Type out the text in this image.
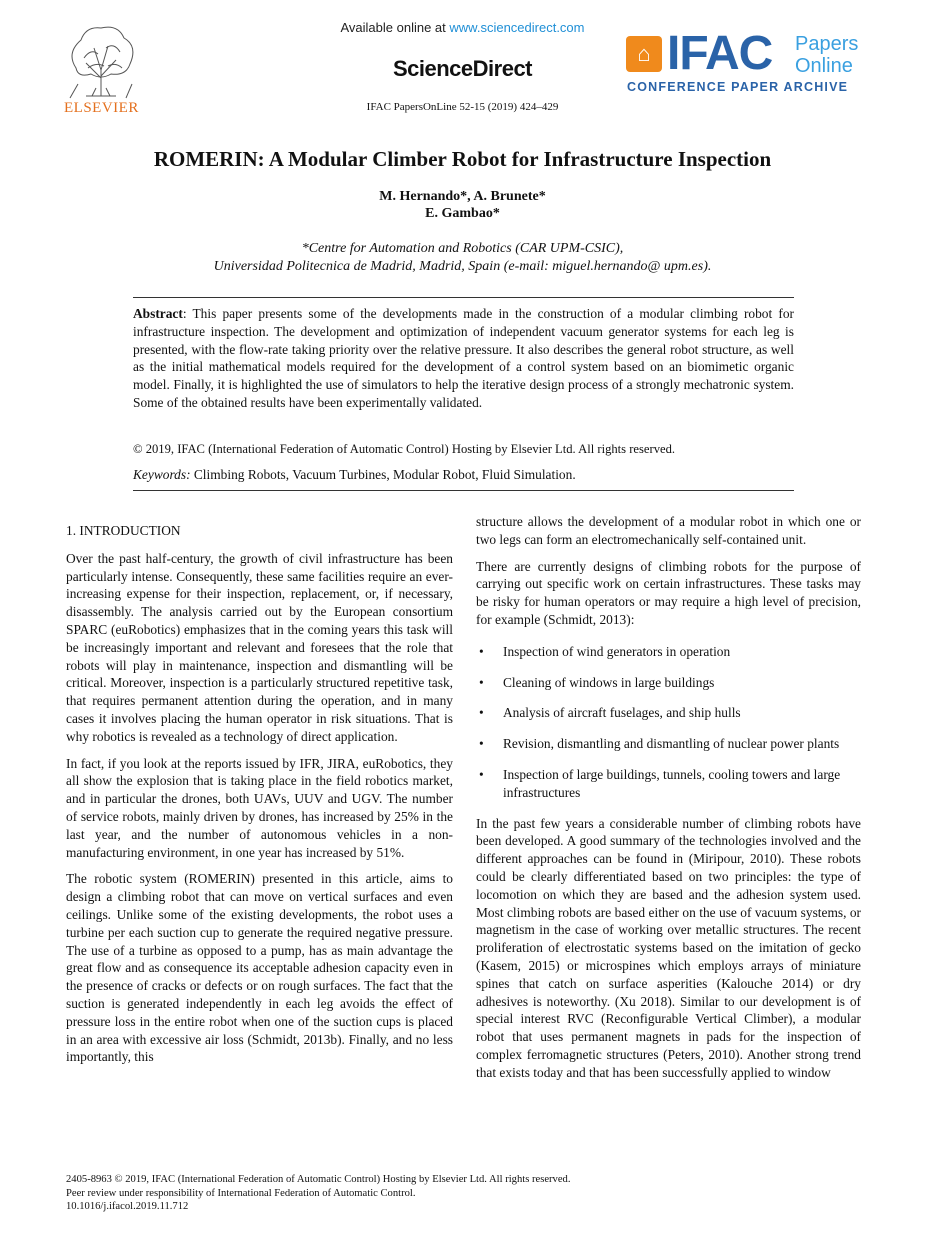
ELSEVIER
Available online at www.sciencedirect.com
ScienceDirect
IFAC PapersOnLine 52-15 (2019) 424–429
⌂ IFAC Papers
Online
CONFERENCE PAPER ARCHIVE
ROMERIN: A Modular Climber Robot for Infrastructure Inspection
M. Hernando*, A. Brunete*
E. Gambao*
*Centre for Automation and Robotics (CAR UPM-CSIC),
Universidad Politecnica de Madrid, Madrid, Spain (e-mail: miguel.hernando@ upm.es).
Abstract: This paper presents some of the developments made in the construction of a modular climbing robot for infrastructure inspection. The development and optimization of independent vacuum generator systems for each leg is presented, with the flow-rate taking priority over the relative pressure. It also describes the general robot structure, as well as the initial mathematical models required for the development of a control system based on an biomimetic organic model. Finally, it is highlighted the use of simulators to help the iterative design process of a strongly mechatronic system. Some of the obtained results have been experimentally validated.
© 2019, IFAC (International Federation of Automatic Control) Hosting by Elsevier Ltd. All rights reserved.
Keywords: Climbing Robots, Vacuum Turbines, Modular Robot, Fluid Simulation.

1. INTRODUCTION

Over the past half-century, the growth of civil infrastructure has been particularly intense. Consequently, these same facilities require an ever-increasing expense for their inspection, replacement, or, if necessary, disassembly. The analysis carried out by the European consortium SPARC (euRobotics) emphasizes that in the coming years this task will be increasingly important and relevant and foresees that the role that robots will play in maintenance, inspection and dismantling will be critical. Moreover, inspection is a particularly structured repetitive task, that requires permanent attention during the operation, and in many cases it involves placing the human operator in risk situations. That is why robotics is revealed as a technology of direct application.

In fact, if you look at the reports issued by IFR, JIRA, euRobotics, they all show the explosion that is taking place in the field robotics market, and in particular the drones, both UAVs, UUV and UGV. The number of service robots, mainly driven by drones, has increased by 25% in the last year, and the number of autonomous vehicles in a non-manufacturing environment, in one year has increased by 51%.

The robotic system (ROMERIN) presented in this article, aims to design a climbing robot that can move on vertical surfaces and even ceilings. Unlike some of the existing developments, the robot uses a turbine per each suction cup to generate the required negative pressure. The use of a turbine as opposed to a pump, has as main advantage the great flow and as consequence its acceptable adhesion capacity even in the presence of cracks or defects or on rough surfaces. The fact that the suction is generated independently in each leg avoids the effect of pressure loss in the entire robot when one of the suction cups is placed in an area with excessive air loss (Schmidt, 2013b). Finally, and no less importantly, this

structure allows the development of a modular robot in which one or two legs can form an electromechanically self-contained unit.

There are currently designs of climbing robots for the purpose of carrying out specific work on certain infrastructures. These tasks may be risky for human operators or may require a high level of precision, for example (Schmidt, 2013):

• Inspection of wind generators in operation
• Cleaning of windows in large buildings
• Analysis of aircraft fuselages, and ship hulls
• Revision, dismantling and dismantling of nuclear power plants
• Inspection of large buildings, tunnels, cooling towers and large infrastructures

In the past few years a considerable number of climbing robots have been developed. A good summary of the technologies involved and the different approaches can be found in (Miripour, 2010). These robots could be clearly differentiated based on two principles: the type of locomotion on which they are based and the adhesion system used. Most climbing robots are based either on the use of vacuum systems, or magnetism in the case of working over metallic structures. The recent proliferation of electrostatic systems based on the imitation of gecko (Kasem, 2015) or microspines which employs arrays of miniature spines that catch on surface asperities (Kalouche 2014) or dry adhesives is noteworthy. (Xu 2018). Similar to our development is of special interest RVC (Reconfigurable Vertical Climber), a modular robot that uses permanent magnets in pads for the inspection of complex ferromagnetic structures (Peters, 2010). Another strong trend that exists today and that has been successfully applied to window

2405-8963 © 2019, IFAC (International Federation of Automatic Control) Hosting by Elsevier Ltd. All rights reserved.
Peer review under responsibility of International Federation of Automatic Control.
10.1016/j.ifacol.2019.11.712
